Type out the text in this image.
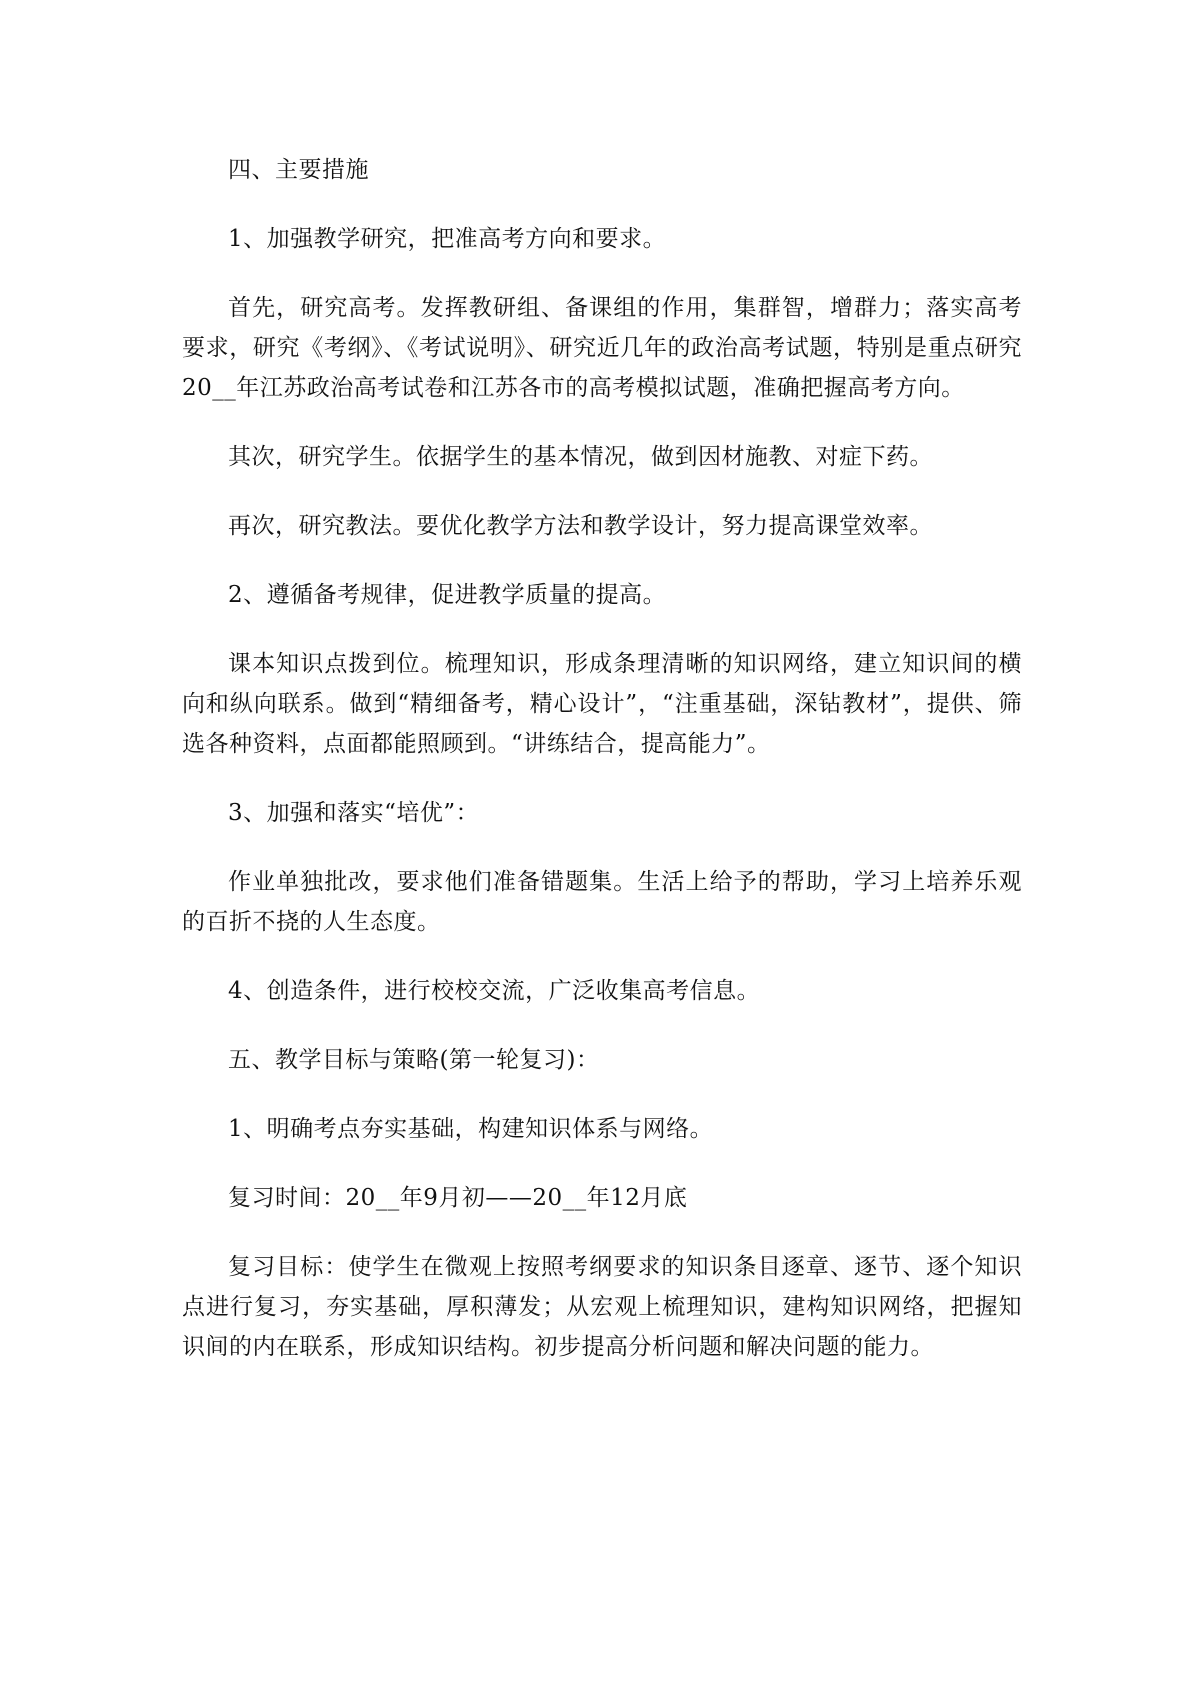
四、主要措施

1、加强教学研究，把准高考方向和要求。

首先，研究高考。发挥教研组、备课组的作用，集群智，增群力；落实高考要求，研究《考纲》、《考试说明》、研究近几年的政治高考试题，特别是重点研究20__年江苏政治高考试卷和江苏各市的高考模拟试题，准确把握高考方向。

其次，研究学生。依据学生的基本情况，做到因材施教、对症下药。

再次，研究教法。要优化教学方法和教学设计，努力提高课堂效率。

2、遵循备考规律，促进教学质量的提高。

课本知识点拨到位。梳理知识，形成条理清晰的知识网络，建立知识间的横向和纵向联系。做到“精细备考，精心设计”，“注重基础，深钻教材”，提供、筛选各种资料，点面都能照顾到。“讲练结合，提高能力”。

3、加强和落实“培优”：

作业单独批改，要求他们准备错题集。生活上给予的帮助，学习上培养乐观的百折不挠的人生态度。

4、创造条件，进行校校交流，广泛收集高考信息。

五、教学目标与策略(第一轮复习)：

1、明确考点夯实基础，构建知识体系与网络。

复习时间：20__年9月初——20__年12月底

复习目标：使学生在微观上按照考纲要求的知识条目逐章、逐节、逐个知识点进行复习，夯实基础，厚积薄发；从宏观上梳理知识，建构知识网络，把握知识间的内在联系，形成知识结构。初步提高分析问题和解决问题的能力。
